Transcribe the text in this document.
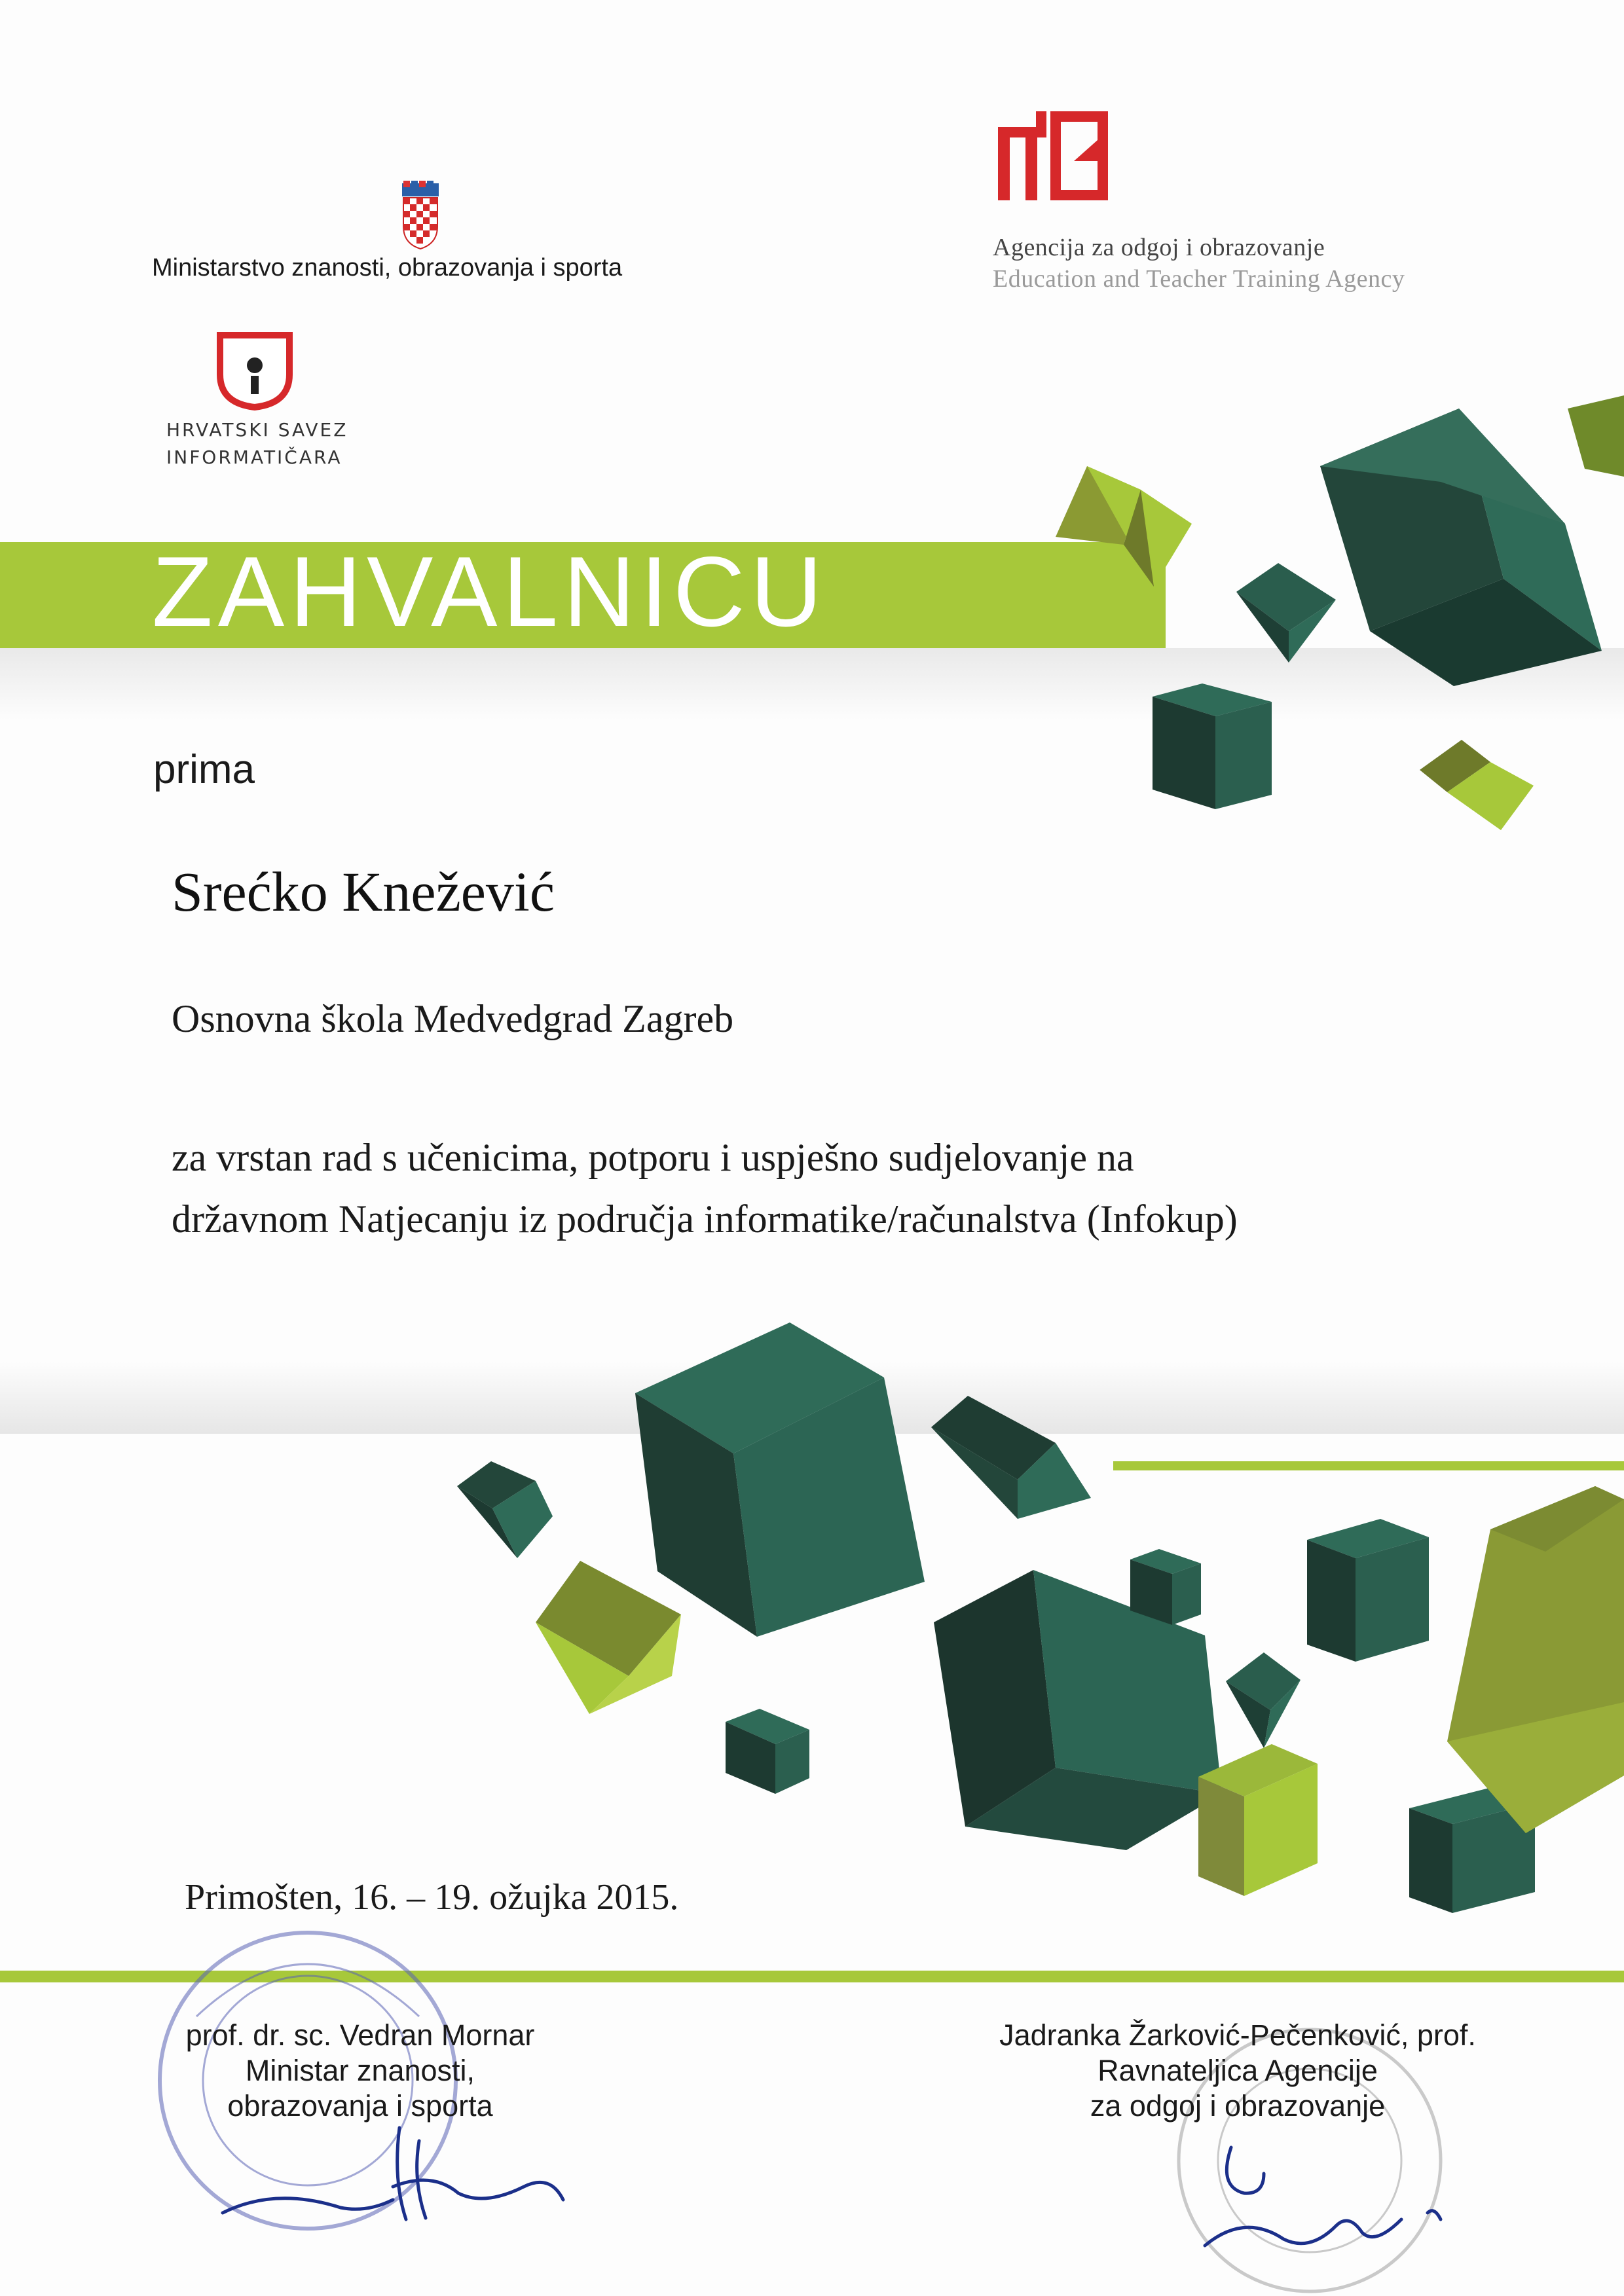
Ministarstvo znanosti, obrazovanja i sporta
Agencija za odgoj i obrazovanje
Education and Teacher Training Agency
HRVATSKI SAVEZ
INFORMATIČARA
ZAHVALNICU
prima
Srećko Knežević
Osnovna škola Medvedgrad Zagreb
za vrstan rad s učenicima, potporu i uspješno sudjelovanje na
državnom Natjecanju iz područja informatike/računalstva (Infokup)
Primošten, 16. – 19. ožujka 2015.
prof. dr. sc. Vedran Mornar
Ministar znanosti,
obrazovanja i sporta
Jadranka Žarković-Pečenković, prof.
Ravnateljica Agencije
za odgoj i obrazovanje
